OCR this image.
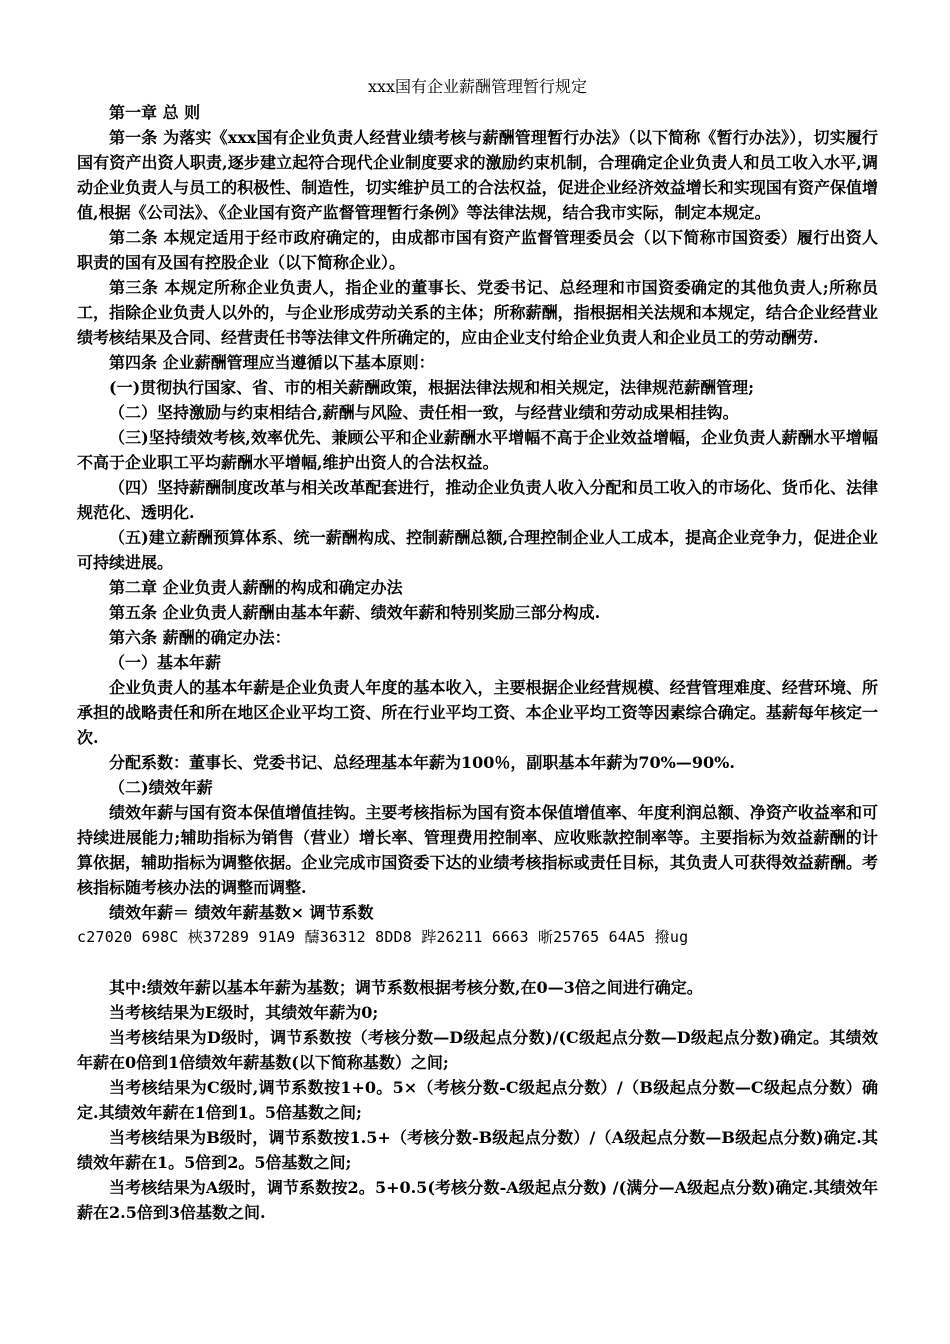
xxx国有企业薪酬管理暂行规定

第一章 总 则

第一条 为落实《xxx国有企业负责人经营业绩考核与薪酬管理暂行办法》（以下简称《暂行办法》），切实履行国有资产出资人职责,逐步建立起符合现代企业制度要求的激励约束机制，合理确定企业负责人和员工收入水平,调动企业负责人与员工的积极性、制造性，切实维护员工的合法权益，促进企业经济效益增长和实现国有资产保值增值,根据《公司法》、《企业国有资产监督管理暂行条例》等法律法规，结合我市实际，制定本规定。

第二条 本规定适用于经市政府确定的，由成都市国有资产监督管理委员会（以下简称市国资委）履行出资人职责的国有及国有控股企业（以下简称企业）。

第三条 本规定所称企业负责人，指企业的董事长、党委书记、总经理和市国资委确定的其他负责人;所称员工，指除企业负责人以外的，与企业形成劳动关系的主体；所称薪酬，指根据相关法规和本规定，结合企业经营业绩考核结果及合同、经营责任书等法律文件所确定的，应由企业支付给企业负责人和企业员工的劳动酬劳.

第四条 企业薪酬管理应当遵循以下基本原则：

(一)贯彻执行国家、省、市的相关薪酬政策，根据法律法规和相关规定，法律规范薪酬管理;

（二）坚持激励与约束相结合,薪酬与风险、责任相一致，与经营业绩和劳动成果相挂钩。

（三)坚持绩效考核,效率优先、兼顾公平和企业薪酬水平增幅不高于企业效益增幅，企业负责人薪酬水平增幅不高于企业职工平均薪酬水平增幅,维护出资人的合法权益。

（四）坚持薪酬制度改革与相关改革配套进行，推动企业负责人收入分配和员工收入的市场化、货币化、法律规范化、透明化.

（五)建立薪酬预算体系、统一薪酬构成、控制薪酬总额,合理控制企业人工成本，提高企业竞争力，促进企业可持续进展。

第二章 企业负责人薪酬的构成和确定办法

第五条 企业负责人薪酬由基本年薪、绩效年薪和特别奖励三部分构成.

第六条 薪酬的确定办法：

（一）基本年薪

企业负责人的基本年薪是企业负责人年度的基本收入，主要根据企业经营规模、经营管理难度、经营环境、所承担的战略责任和所在地区企业平均工资、所在行业平均工资、本企业平均工资等因素综合确定。基薪每年核定一次.

分配系数：董事长、党委书记、总经理基本年薪为100％，副职基本年薪为70%—90%.

（二)绩效年薪

绩效年薪与国有资本保值增值挂钩。主要考核指标为国有资本保值增值率、年度利润总额、净资产收益率和可持续进展能力;辅助指标为销售（营业）增长率、管理费用控制率、应收账款控制率等。主要指标为效益薪酬的计算依据，辅助指标为调整依据。企业完成市国资委下达的业绩考核指标或责任目标，其负责人可获得效益薪酬。考核指标随考核办法的调整而调整.

绩效年薪＝ 绩效年薪基数× 调节系数

c27020 698C 梜37289 91A9 醻36312 8DD8 跸26211 6663 晣25765 64A5 撥ug

其中:绩效年薪以基本年薪为基数；调节系数根据考核分数,在0—3倍之间进行确定。

当考核结果为E级时，其绩效年薪为0;

当考核结果为D级时，调节系数按（考核分数—D级起点分数)/(C级起点分数—D级起点分数)确定。其绩效年薪在0倍到1倍绩效年薪基数(以下简称基数）之间;

当考核结果为C级时,调节系数按1+0。5×（考核分数-C级起点分数）/（B级起点分数—C级起点分数）确定.其绩效年薪在1倍到1。5倍基数之间;

当考核结果为B级时，调节系数按1.5+（考核分数-B级起点分数）/（A级起点分数—B级起点分数)确定.其绩效年薪在1。5倍到2。5倍基数之间;

当考核结果为A级时，调节系数按2。5+0.5(考核分数-A级起点分数) /(满分—A级起点分数)确定.其绩效年薪在2.5倍到3倍基数之间.
